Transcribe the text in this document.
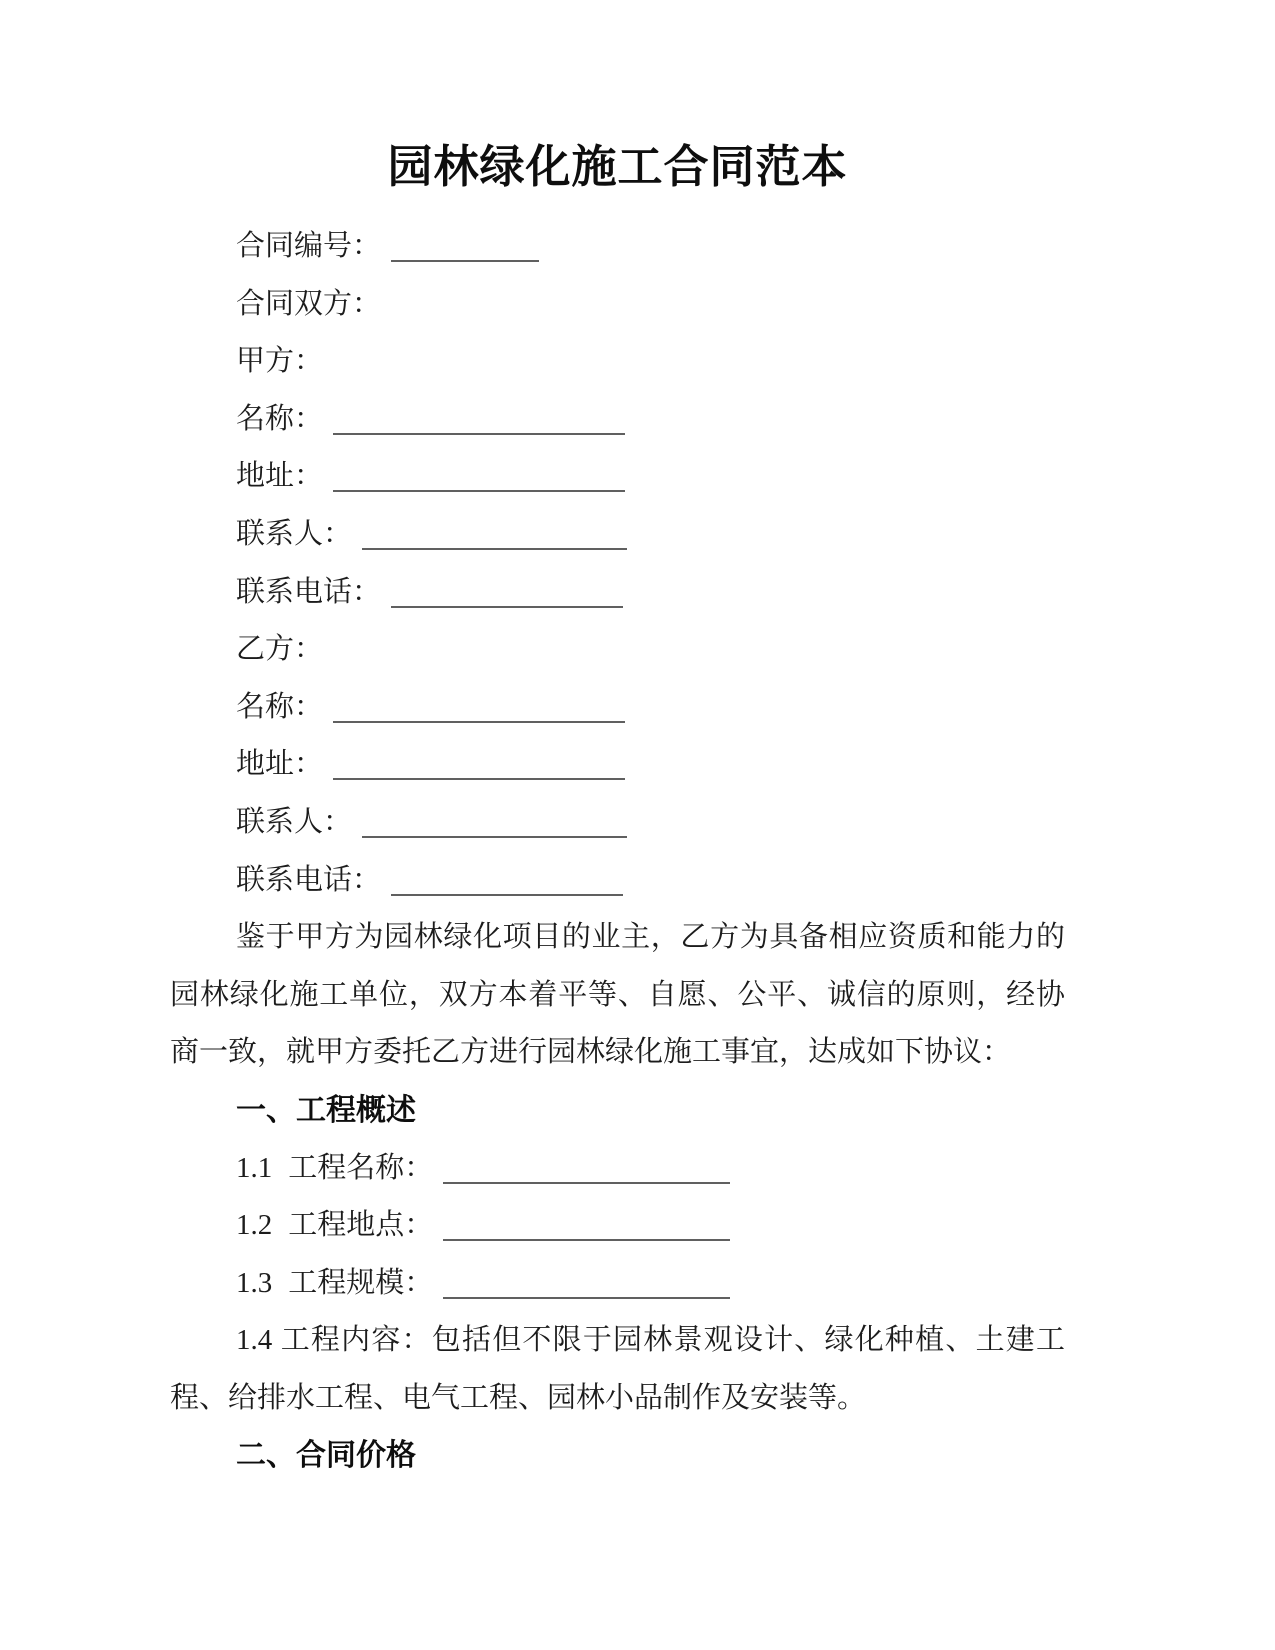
园林绿化施工合同范本
合同编号：
合同双方：
甲方：
名称：
地址：
联系人：
联系电话：
乙方：
名称：
地址：
联系人：
联系电话：
鉴于甲方为园林绿化项目的业主，乙方为具备相应资质和能力的
园林绿化施工单位，双方本着平等、自愿、公平、诚信的原则，经协
商一致，就甲方委托乙方进行园林绿化施工事宜，达成如下协议：
一、工程概述
1.1 工程名称：
1.2 工程地点：
1.3 工程规模：
1.4 工程内容：包括但不限于园林景观设计、绿化种植、土建工
程、给排水工程、电气工程、园林小品制作及安装等。
二、合同价格
